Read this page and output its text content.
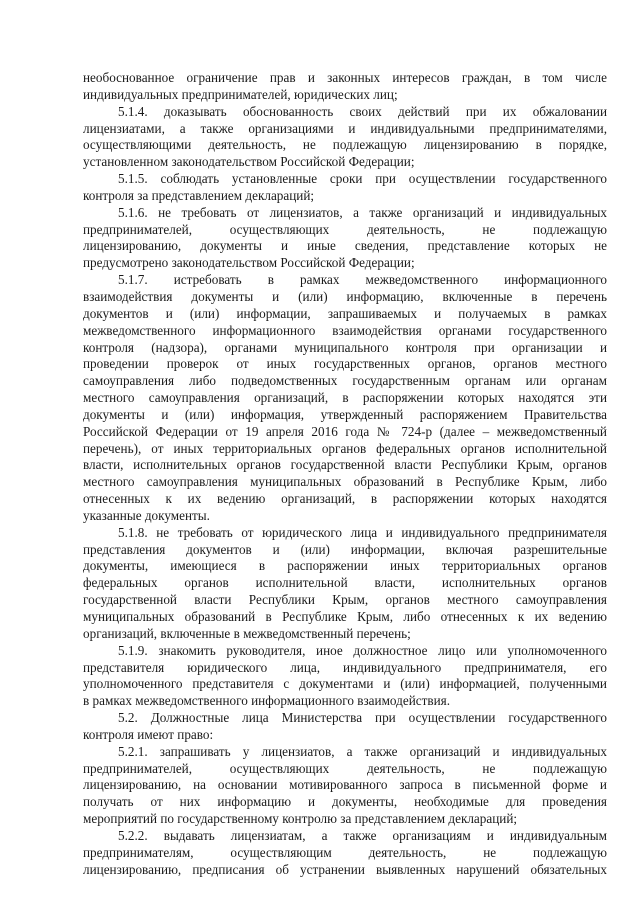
необоснованное ограничение прав и законных интересов граждан, в том числе
индивидуальных предпринимателей, юридических лиц;
5.1.4. доказывать обоснованность своих действий при их обжаловании
лицензиатами, а также организациями и индивидуальными предпринимателями,
осуществляющими деятельность, не подлежащую лицензированию в порядке,
установленном законодательством Российской Федерации;
5.1.5. соблюдать установленные сроки при осуществлении государственного
контроля за представлением деклараций;
5.1.6. не требовать от лицензиатов, а также организаций и индивидуальных
предпринимателей, осуществляющих деятельность, не подлежащую
лицензированию, документы и иные сведения, представление которых не
предусмотрено законодательством Российской Федерации;
5.1.7. истребовать в рамках межведомственного информационного
взаимодействия документы и (или) информацию, включенные в перечень
документов и (или) информации, запрашиваемых и получаемых в рамках
межведомственного информационного взаимодействия органами государственного
контроля (надзора), органами муниципального контроля при организации и
проведении проверок от иных государственных органов, органов местного
самоуправления либо подведомственных государственным органам или органам
местного самоуправления организаций, в распоряжении которых находятся эти
документы и (или) информация, утвержденный распоряжением Правительства
Российской Федерации от 19 апреля 2016 года № 724-р (далее – межведомственный
перечень), от иных территориальных органов федеральных органов исполнительной
власти, исполнительных органов государственной власти Республики Крым, органов
местного самоуправления муниципальных образований в Республике Крым, либо
отнесенных к их ведению организаций, в распоряжении которых находятся
указанные документы.
5.1.8. не требовать от юридического лица и индивидуального предпринимателя
представления документов и (или) информации, включая разрешительные
документы, имеющиеся в распоряжении иных территориальных органов
федеральных органов исполнительной власти, исполнительных органов
государственной власти Республики Крым, органов местного самоуправления
муниципальных образований в Республике Крым, либо отнесенных к их ведению
организаций, включенные в межведомственный перечень;
5.1.9. знакомить руководителя, иное должностное лицо или уполномоченного
представителя юридического лица, индивидуального предпринимателя, его
уполномоченного представителя с документами и (или) информацией, полученными
в рамках межведомственного информационного взаимодействия.
5.2. Должностные лица Министерства при осуществлении государственного
контроля имеют право:
5.2.1. запрашивать у лицензиатов, а также организаций и индивидуальных
предпринимателей, осуществляющих деятельность, не подлежащую
лицензированию, на основании мотивированного запроса в письменной форме и
получать от них информацию и документы, необходимые для проведения
мероприятий по государственному контролю за представлением деклараций;
5.2.2. выдавать лицензиатам, а также организациям и индивидуальным
предпринимателям, осуществляющим деятельность, не подлежащую
лицензированию, предписания об устранении выявленных нарушений обязательных
